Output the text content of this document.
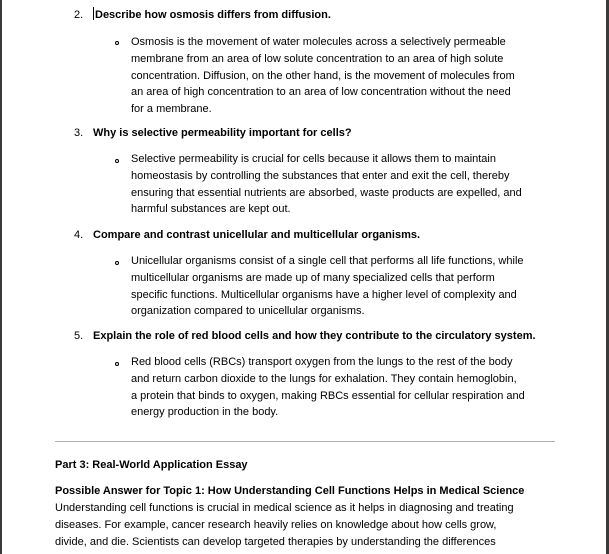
2. Describe how osmosis differs from diffusion.
Osmosis is the movement of water molecules across a selectively permeable
membrane from an area of low solute concentration to an area of high solute
concentration. Diffusion, on the other hand, is the movement of molecules from
an area of high concentration to an area of low concentration without the need
for a membrane.
3. Why is selective permeability important for cells?
Selective permeability is crucial for cells because it allows them to maintain
homeostasis by controlling the substances that enter and exit the cell, thereby
ensuring that essential nutrients are absorbed, waste products are expelled, and
harmful substances are kept out.
4. Compare and contrast unicellular and multicellular organisms.
Unicellular organisms consist of a single cell that performs all life functions, while
multicellular organisms are made up of many specialized cells that perform
specific functions. Multicellular organisms have a higher level of complexity and
organization compared to unicellular organisms.
5. Explain the role of red blood cells and how they contribute to the circulatory system.
Red blood cells (RBCs) transport oxygen from the lungs to the rest of the body
and return carbon dioxide to the lungs for exhalation. They contain hemoglobin,
a protein that binds to oxygen, making RBCs essential for cellular respiration and
energy production in the body.
Part 3: Real-World Application Essay
Possible Answer for Topic 1: How Understanding Cell Functions Helps in Medical Science
Understanding cell functions is crucial in medical science as it helps in diagnosing and treating
diseases. For example, cancer research heavily relies on knowledge about how cells grow,
divide, and die. Scientists can develop targeted therapies by understanding the differences
